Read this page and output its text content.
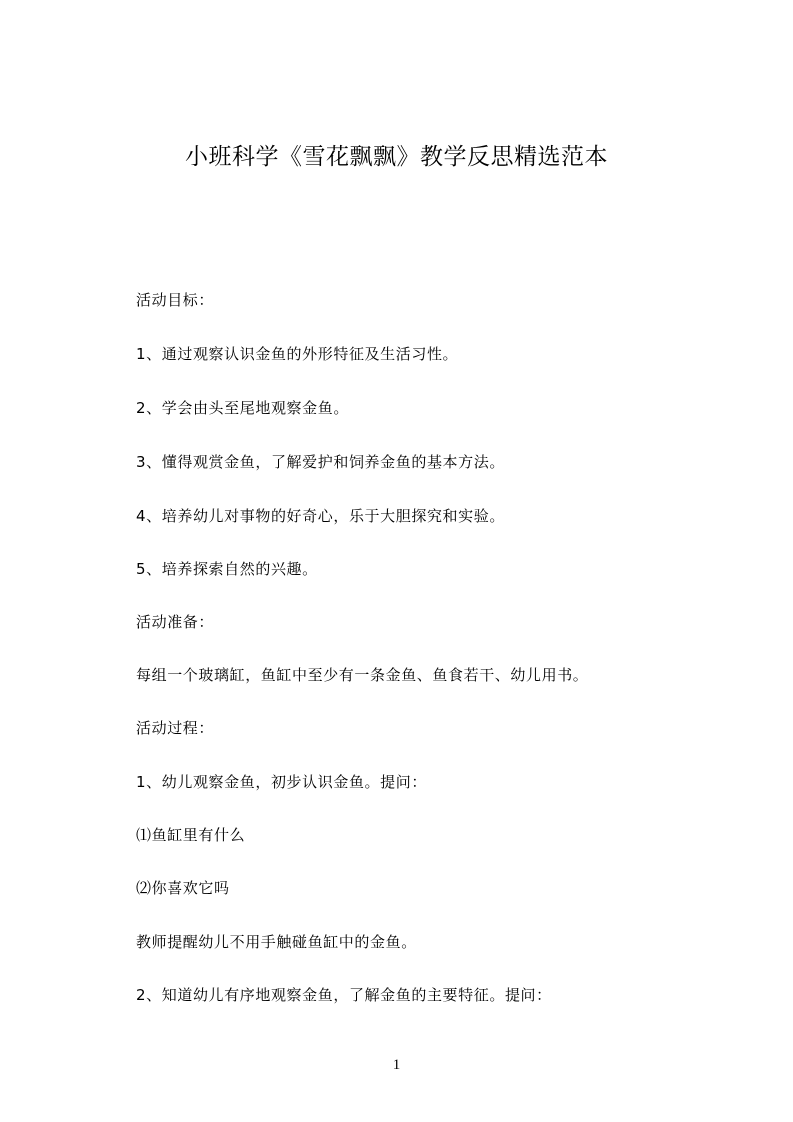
小班科学《雪花飘飘》教学反思精选范本
活动目标：
1、通过观察认识金鱼的外形特征及生活习性。
2、学会由头至尾地观察金鱼。
3、懂得观赏金鱼，了解爱护和饲养金鱼的基本方法。
4、培养幼儿对事物的好奇心，乐于大胆探究和实验。
5、培养探索自然的兴趣。
活动准备：
每组一个玻璃缸，鱼缸中至少有一条金鱼、鱼食若干、幼儿用书。
活动过程：
1、幼儿观察金鱼，初步认识金鱼。提问：
⑴鱼缸里有什么
⑵你喜欢它吗
教师提醒幼儿不用手触碰鱼缸中的金鱼。
2、知道幼儿有序地观察金鱼，了解金鱼的主要特征。提问：
1
